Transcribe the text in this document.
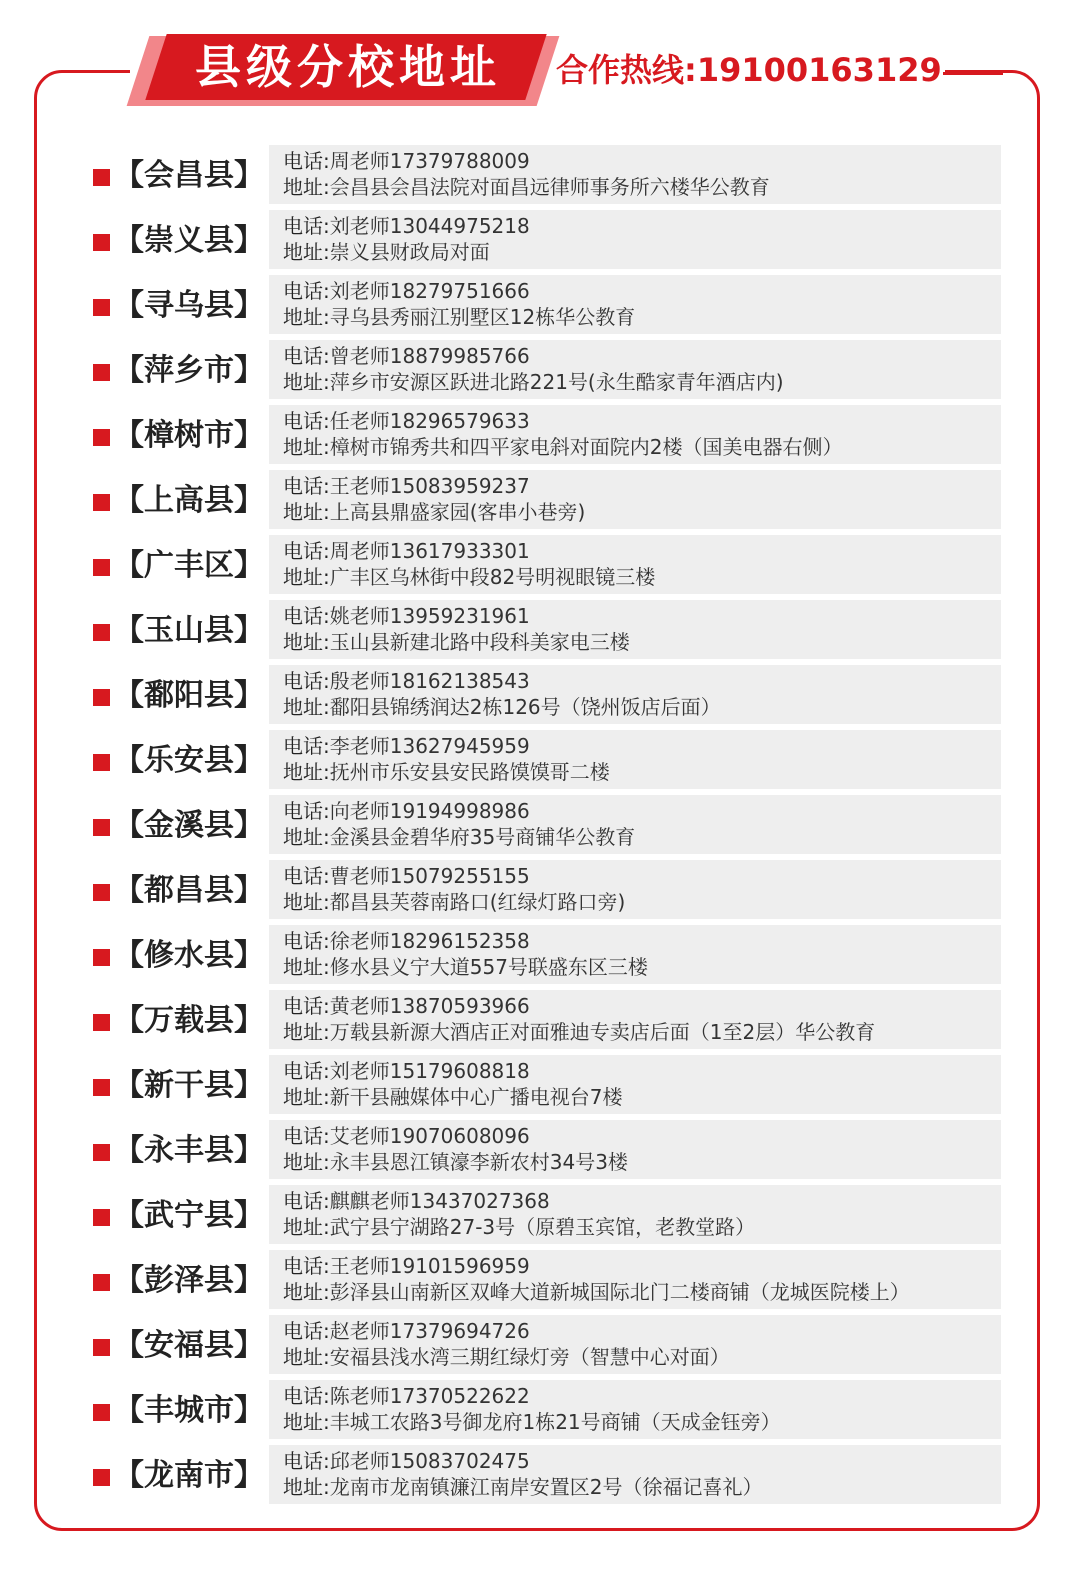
县级分校地址	合作热线:19100163129
【会昌县】 电话:周老师17379788009
地址:会昌县会昌法院对面昌远律师事务所六楼华公教育
【崇义县】 电话:刘老师13044975218
地址:崇义县财政局对面
【寻乌县】 电话:刘老师18279751666
地址:寻乌县秀丽江别墅区12栋华公教育
【萍乡市】 电话:曾老师18879985766
地址:萍乡市安源区跃进北路221号(永生酷家青年酒店内)
【樟树市】 电话:任老师18296579633
地址:樟树市锦秀共和四平家电斜对面院内2楼（国美电器右侧）
【上高县】 电话:王老师15083959237
地址:上高县鼎盛家园(客串小巷旁)
【广丰区】 电话:周老师13617933301
地址:广丰区乌林街中段82号明视眼镜三楼
【玉山县】 电话:姚老师13959231961
地址:玉山县新建北路中段科美家电三楼
【鄱阳县】 电话:殷老师18162138543
地址:鄱阳县锦绣润达2栋126号（饶州饭店后面）
【乐安县】 电话:李老师13627945959
地址:抚州市乐安县安民路馍馍哥二楼
【金溪县】 电话:向老师19194998986
地址:金溪县金碧华府35号商铺华公教育
【都昌县】 电话:曹老师15079255155
地址:都昌县芙蓉南路口(红绿灯路口旁)
【修水县】 电话:徐老师18296152358
地址:修水县义宁大道557号联盛东区三楼
【万载县】 电话:黄老师13870593966
地址:万载县新源大酒店正对面雅迪专卖店后面（1至2层）华公教育
【新干县】 电话:刘老师15179608818
地址:新干县融媒体中心广播电视台7楼
【永丰县】 电话:艾老师19070608096
地址:永丰县恩江镇濠李新农村34号3楼
【武宁县】 电话:麒麒老师13437027368
地址:武宁县宁湖路27-3号（原碧玉宾馆，老教堂路）
【彭泽县】 电话:王老师19101596959
地址:彭泽县山南新区双峰大道新城国际北门二楼商铺（龙城医院楼上）
【安福县】 电话:赵老师17379694726
地址:安福县浅水湾三期红绿灯旁（智慧中心对面）
【丰城市】 电话:陈老师17370522622
地址:丰城工农路3号御龙府1栋21号商铺（天成金钰旁）
【龙南市】 电话:邱老师15083702475
地址:龙南市龙南镇濂江南岸安置区2号（徐福记喜礼）
